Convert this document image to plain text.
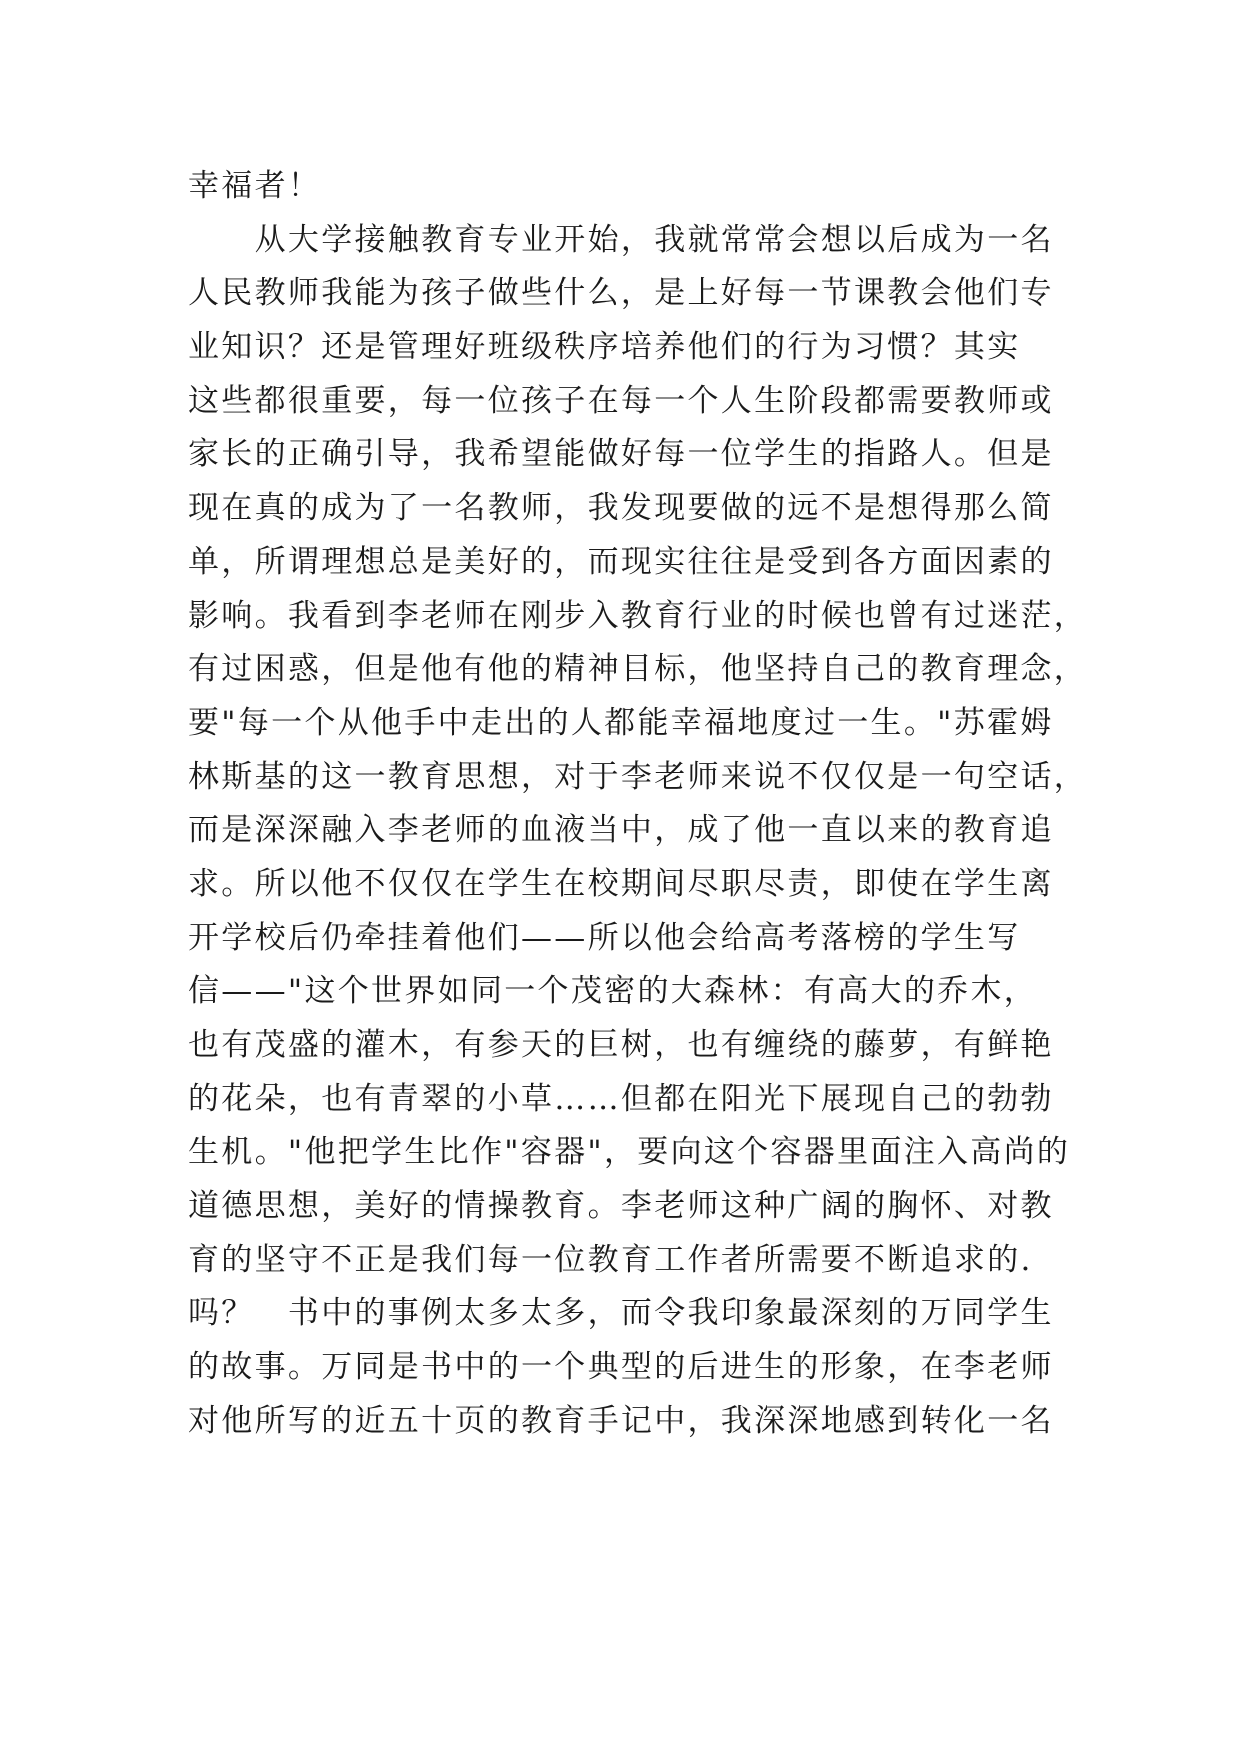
幸福者！
　　从大学接触教育专业开始，我就常常会想以后成为一名
人民教师我能为孩子做些什么，是上好每一节课教会他们专
业知识？还是管理好班级秩序培养他们的行为习惯？其实
这些都很重要，每一位孩子在每一个人生阶段都需要教师或
家长的正确引导，我希望能做好每一位学生的指路人。但是
现在真的成为了一名教师，我发现要做的远不是想得那么简
单，所谓理想总是美好的，而现实往往是受到各方面因素的
影响。我看到李老师在刚步入教育行业的时候也曾有过迷茫，
有过困惑，但是他有他的精神目标，他坚持自己的教育理念，
要"每一个从他手中走出的人都能幸福地度过一生。"苏霍姆
林斯基的这一教育思想，对于李老师来说不仅仅是一句空话，
而是深深融入李老师的血液当中，成了他一直以来的教育追
求。所以他不仅仅在学生在校期间尽职尽责，即使在学生离
开学校后仍牵挂着他们——所以他会给高考落榜的学生写
信——"这个世界如同一个茂密的大森林：有高大的乔木，
也有茂盛的灌木，有参天的巨树，也有缠绕的藤萝，有鲜艳
的花朵，也有青翠的小草……但都在阳光下展现自己的勃勃
生机。"他把学生比作"容器"，要向这个容器里面注入高尚的
道德思想，美好的情操教育。李老师这种广阔的胸怀、对教
育的坚守不正是我们每一位教育工作者所需要不断追求的.
吗？　书中的事例太多太多，而令我印象最深刻的万同学生
的故事。万同是书中的一个典型的后进生的形象，在李老师
对他所写的近五十页的教育手记中，我深深地感到转化一名
